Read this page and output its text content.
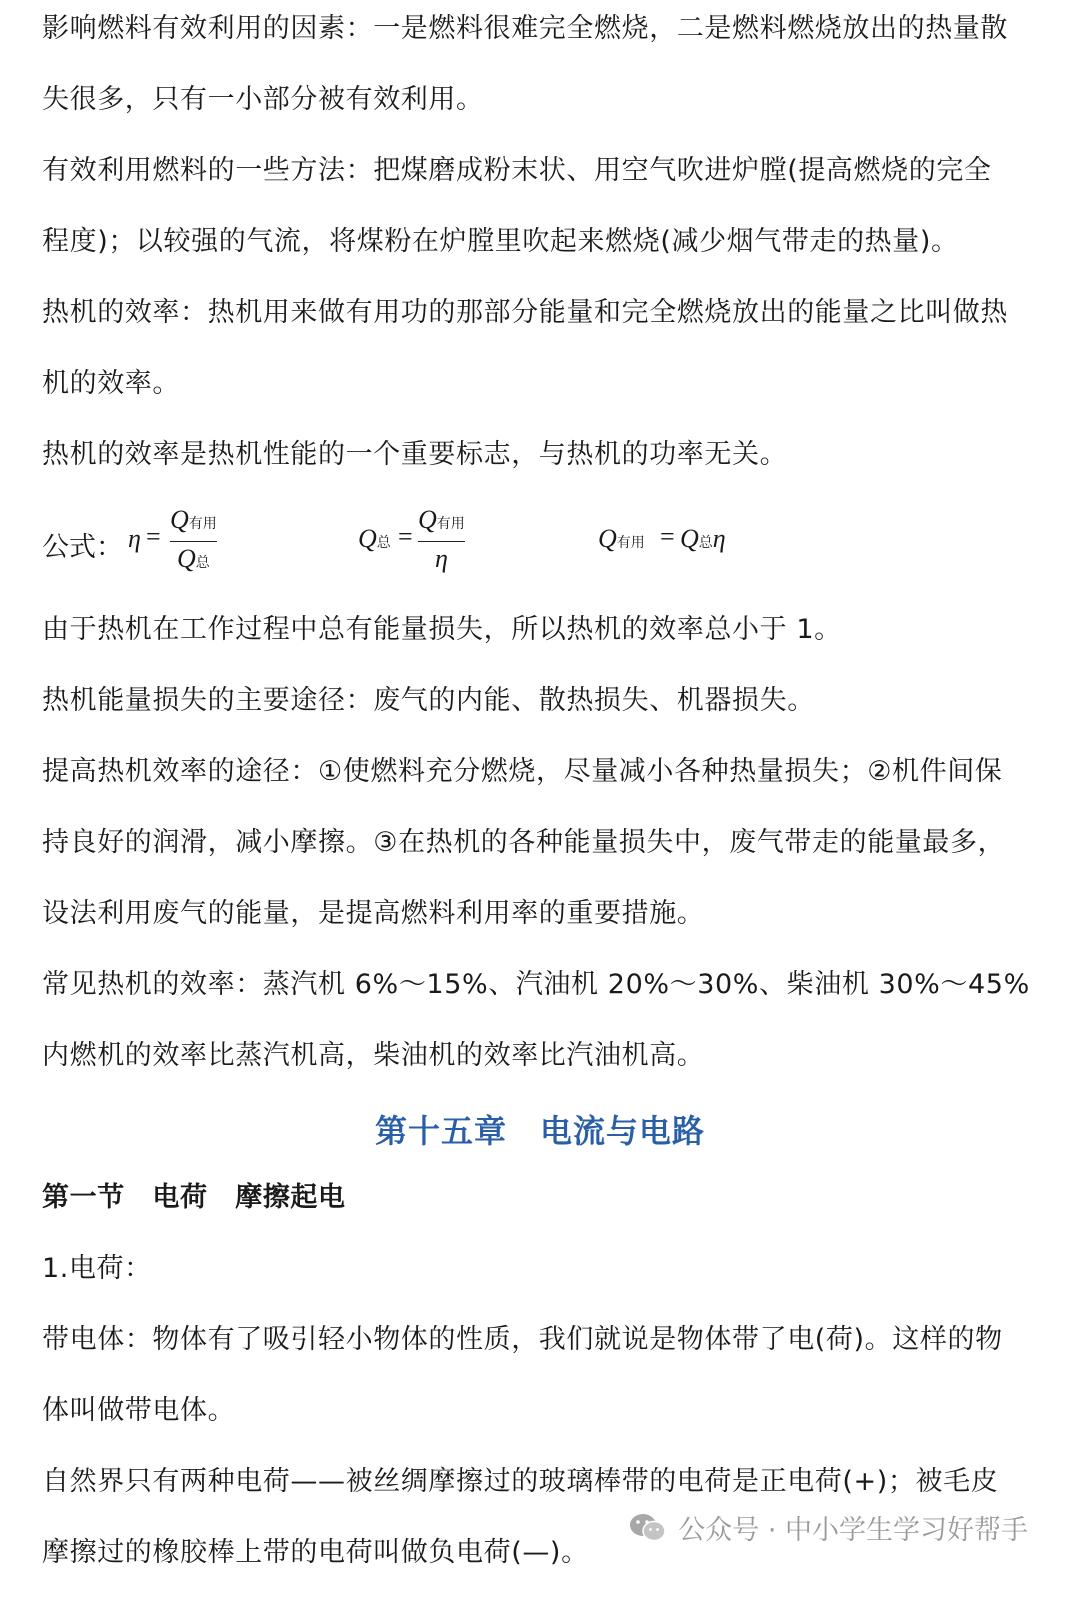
影响燃料有效利用的因素：一是燃料很难完全燃烧，二是燃料燃烧放出的热量散
失很多，只有一小部分被有效利用。
有效利用燃料的一些方法：把煤磨成粉末状、用空气吹进炉膛(提高燃烧的完全
程度)；以较强的气流，将煤粉在炉膛里吹起来燃烧(减少烟气带走的热量)。
热机的效率：热机用来做有用功的那部分能量和完全燃烧放出的能量之比叫做热
机的效率。
热机的效率是热机性能的一个重要标志，与热机的功率无关。
公式： η =
Q有用
Q总
Q总 =
Q有用
η
Q有用 = Q总η
由于热机在工作过程中总有能量损失，所以热机的效率总小于 1。
热机能量损失的主要途径：废气的内能、散热损失、机器损失。
提高热机效率的途径：①使燃料充分燃烧，尽量减小各种热量损失；②机件间保
持良好的润滑，减小摩擦。③在热机的各种能量损失中，废气带走的能量最多，
设法利用废气的能量，是提高燃料利用率的重要措施。
常见热机的效率：蒸汽机 6%～15%、汽油机 20%～30%、柴油机 30%～45%
内燃机的效率比蒸汽机高，柴油机的效率比汽油机高。
第十五章　电流与电路
第一节　电荷　摩擦起电
1.电荷：
带电体：物体有了吸引轻小物体的性质，我们就说是物体带了电(荷)。这样的物
体叫做带电体。
自然界只有两种电荷——被丝绸摩擦过的玻璃棒带的电荷是正电荷(+)；被毛皮
摩擦过的橡胶棒上带的电荷叫做负电荷(—)。
公众号 · 中小学生学习好帮手
